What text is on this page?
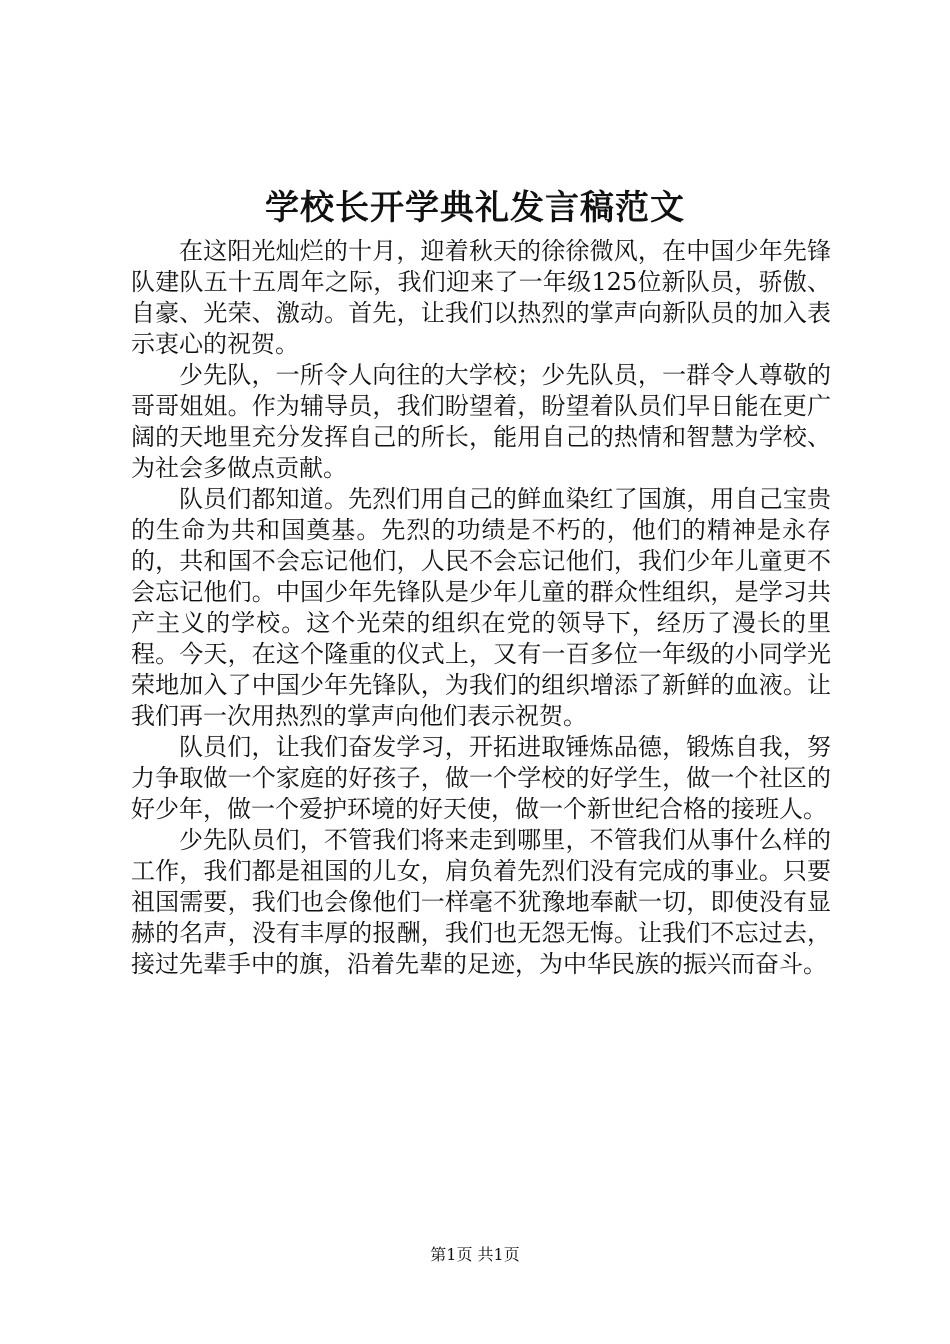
学校长开学典礼发言稿范文

在这阳光灿烂的十月，迎着秋天的徐徐微风，在中国少年先锋队建队五十五周年之际，我们迎来了一年级125位新队员，骄傲、自豪、光荣、激动。首先，让我们以热烈的掌声向新队员的加入表示衷心的祝贺。

少先队，一所令人向往的大学校；少先队员，一群令人尊敬的哥哥姐姐。作为辅导员，我们盼望着，盼望着队员们早日能在更广阔的天地里充分发挥自己的所长，能用自己的热情和智慧为学校、为社会多做点贡献。

队员们都知道。先烈们用自己的鲜血染红了国旗，用自己宝贵的生命为共和国奠基。先烈的功绩是不朽的，他们的精神是永存的，共和国不会忘记他们，人民不会忘记他们，我们少年儿童更不会忘记他们。中国少年先锋队是少年儿童的群众性组织，是学习共产主义的学校。这个光荣的组织在党的领导下，经历了漫长的里程。今天，在这个隆重的仪式上，又有一百多位一年级的小同学光荣地加入了中国少年先锋队，为我们的组织增添了新鲜的血液。让我们再一次用热烈的掌声向他们表示祝贺。

队员们，让我们奋发学习，开拓进取锤炼品德，锻炼自我，努力争取做一个家庭的好孩子，做一个学校的好学生，做一个社区的好少年，做一个爱护环境的好天使，做一个新世纪合格的接班人。

少先队员们，不管我们将来走到哪里，不管我们从事什么样的工作，我们都是祖国的儿女，肩负着先烈们没有完成的事业。只要祖国需要，我们也会像他们一样毫不犹豫地奉献一切，即使没有显赫的名声，没有丰厚的报酬，我们也无怨无悔。让我们不忘过去，接过先辈手中的旗，沿着先辈的足迹，为中华民族的振兴而奋斗。

第1页 共1页
